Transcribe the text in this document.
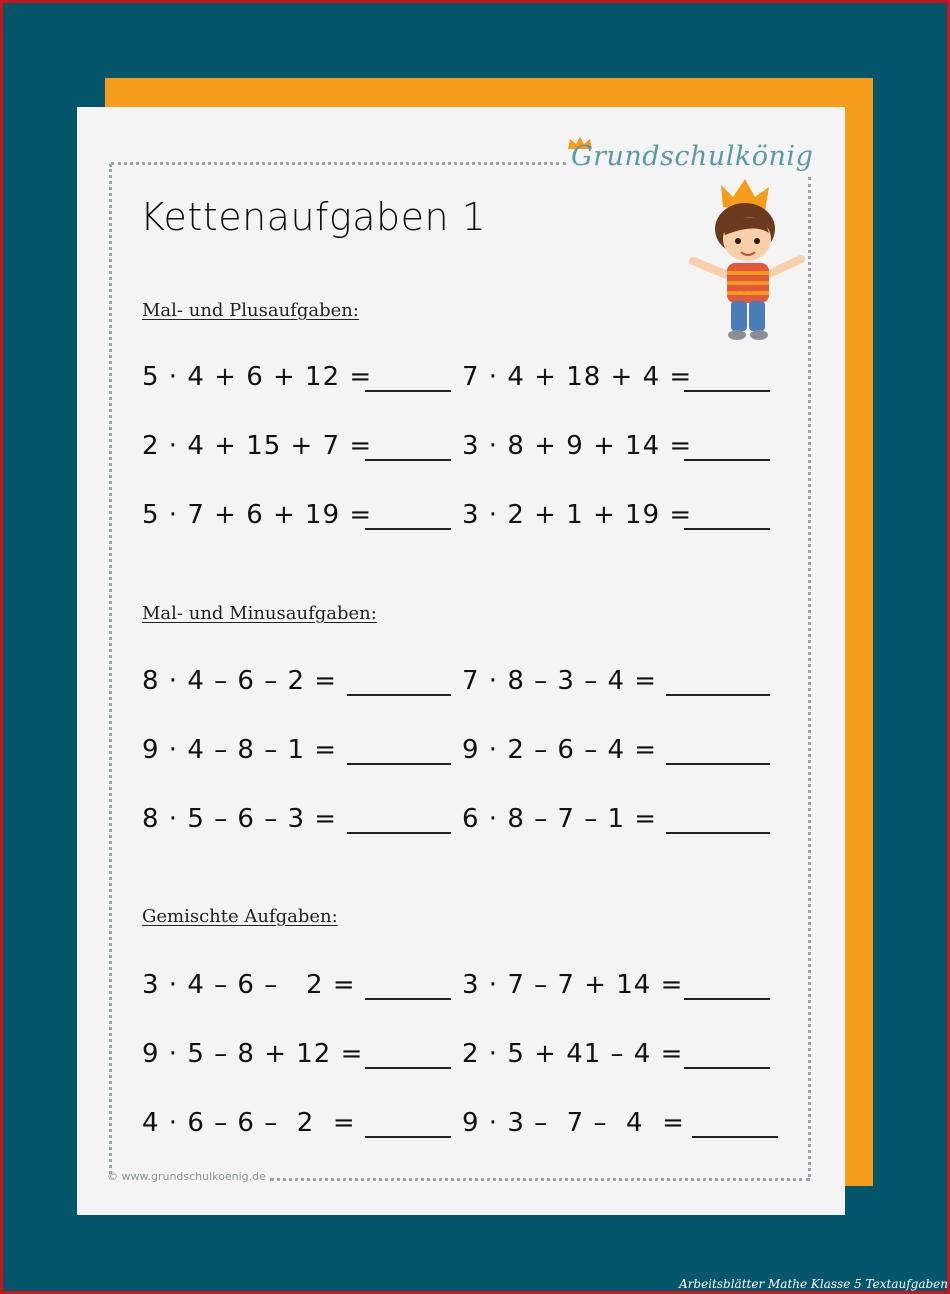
Grundschulkönig
Kettenaufgaben 1
Mal- und Plusaufgaben:
5 · 4 + 6 + 12 =	7 · 4 + 18 + 4 =
2 · 4 + 15 + 7 =	3 · 8 + 9 + 14 =
5 · 7 + 6 + 19 =	3 · 2 + 1 + 19 =
Mal- und Minusaufgaben:
8 · 4 – 6 – 2 =	7 · 8 – 3 – 4 =
9 · 4 – 8 – 1 =	9 · 2 – 6 – 4 =
8 · 5 – 6 – 3 =	6 · 8 – 7 – 1 =
Gemischte Aufgaben:
3 · 4 – 6 –   2 =	3 · 7 – 7 + 14 =
9 · 5 – 8 + 12 =	2 · 5 + 41 – 4 =
4 · 6 – 6 –  2  =	9 · 3 –  7 –  4  =
© www.grundschulkoenig.de
Arbeitsblätter Mathe Klasse 5 Textaufgaben
